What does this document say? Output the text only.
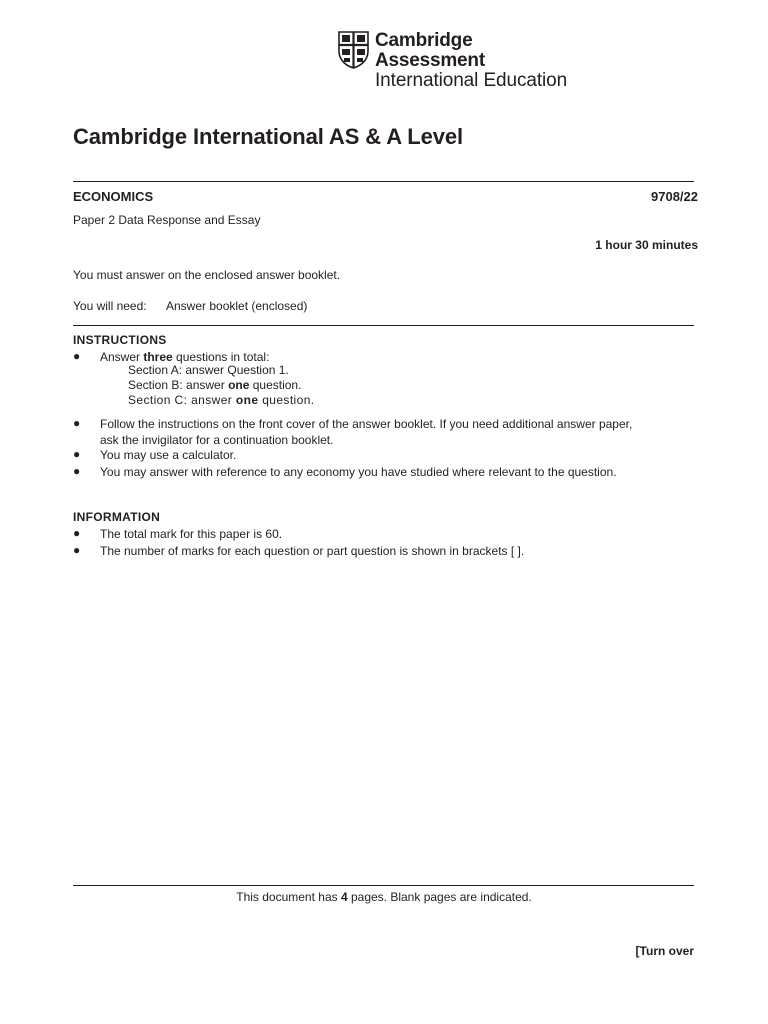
Cambridge Assessment
International Education
Cambridge International AS & A Level
ECONOMICS	9708/22
Paper 2 Data Response and Essay
1 hour 30 minutes
You must answer on the enclosed answer booklet.
You will need: Answer booklet (enclosed)
INSTRUCTIONS
● Answer three questions in total:
Section A: answer Question 1.
Section B: answer one question.
Section C: answer one question.
● Follow the instructions on the front cover of the answer booklet. If you need additional answer paper,
ask the invigilator for a continuation booklet.
● You may use a calculator.
● You may answer with reference to any economy you have studied where relevant to the question.
INFORMATION
● The total mark for this paper is 60.
● The number of marks for each question or part question is shown in brackets [ ].
This document has 4 pages. Blank pages are indicated.
[Turn over
